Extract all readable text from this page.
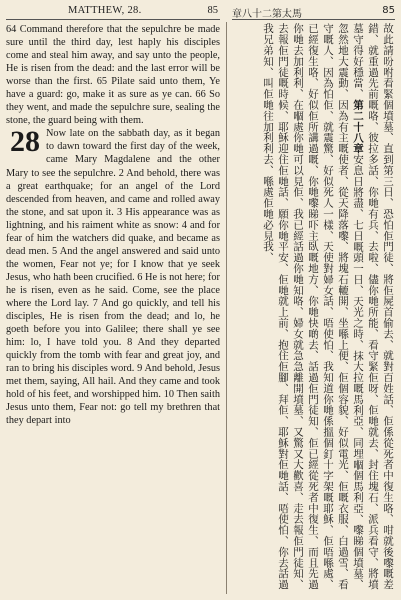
MATTHEW, 28.	85 章八十二第太馬	85

64 Command therefore that the sepulchre be made sure until the third day, lest haply his disciples come and steal him away, and say unto the people, He is risen from the dead: and the last error will be worse than the first. 65 Pilate said unto them, Ye have a guard: go, make it as sure as ye can. 66 So they went, and made the sepulchre sure, sealing the stone, the guard being with them.

28 Now late on the sabbath day, as it began to dawn toward the first day of the week, came Mary Magdalene and the other Mary to see the sepulchre. 2 And behold, there was a great earthquake; for an angel of the Lord descended from heaven, and came and rolled away the stone, and sat upon it. 3 His appearance was as lightning, and his raiment white as snow: 4 and for fear of him the watchers did quake, and became as dead men. 5 And the angel answered and said unto the women, Fear not ye; for I know that ye seek Jesus, who hath been crucified. 6 He is not here; for he is risen, even as he said. Come, see the place where the Lord lay. 7 And go quickly, and tell his disciples, He is risen from the dead; and lo, he goeth before you into Galilee; there shall ye see him: lo, I have told you. 8 And they departed quickly from the tomb with fear and great joy, and ran to bring his disciples word. 9 And behold, Jesus met them, saying, All hail. And they came and took hold of his feet, and worshipped him. 10 Then saith Jesus unto them, Fear not: go tell my brethren that they depart into	故此請吩咐看緊個墳墓、直到第三日、恐怕佢門徒、將佢屍首偷去、就對百姓話、佢係從死者中復生咯、咁就後嚟嘅差錯、就重過先前嘅咯、彼拉多話、你哋有兵、去啦、儘你哋所能、看守緊佢呀、佢哋就去、封住塊石、派兵看守、將墳墓守得好穩當、第二十八章安息日將盡、七日嘅頭一日、天光之時、抹大拉嘅馬利亞、同埋嗰個馬利亞、嚟睇個墳墓、忽然地大震動、因為有主嘅使者、從天降落嚟、將塊石轆開、坐喺上便、佢個容貌、好似電光、佢嘅衣服、白過雪、看守嘅人、因為怕佢、就震驚、好似死人一樣、天使對婦女話、唔使怕、我知道你哋係搵個釘十字架嘅耶穌、佢唔喺處、已經復生咯、好似佢所講過嘅、你哋嚟睇吓主臥嘅地方、你哋快啲去、話過佢門徒知、佢已經從死者中復生、而且先過你哋去加利利、在嗰處你哋可以見佢、我已經話過你哋知咯、婦女就急急離開墳墓、又驚又大歡喜、走去報佢門徒知、去報佢門徒嘅時候、耶穌迎住佢哋話、願你哋平安、佢哋就上前、抱住佢腳、拜佢、耶穌對佢哋話、唔使怕、你去話過我兄弟知、叫佢哋往加利利去、喺處佢哋必見我、
